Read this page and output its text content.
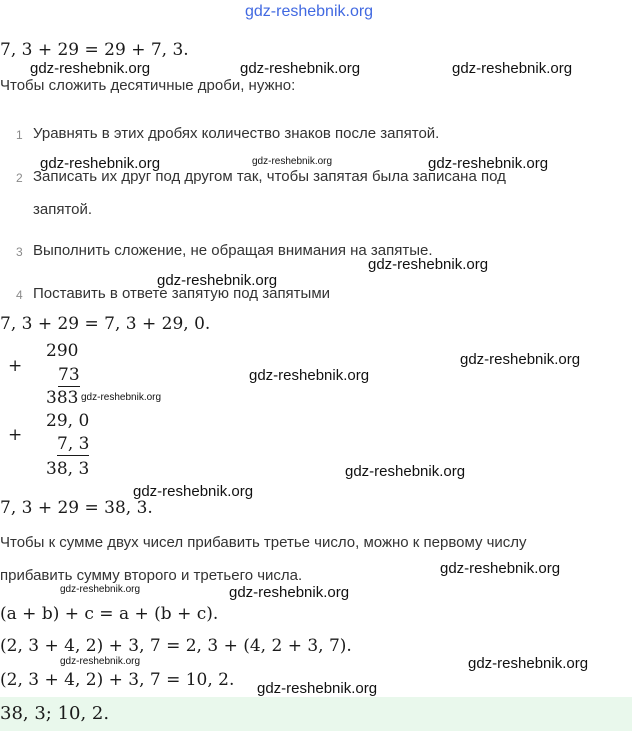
gdz-reshebnik.org
7, 3 + 29 = 29 + 7, 3.
gdz-reshebnik.org	gdz-reshebnik.org	gdz-reshebnik.org
Чтобы сложить десятичные дроби, нужно:
1 Уравнять в этих дробях количество знаков после запятой.
gdz-reshebnik.org	gdz-reshebnik.org	gdz-reshebnik.org
2 Записать их друг под другом так, чтобы запятая была записана под
запятой.
3 Выполнить сложение, не обращая внимания на запятые.
gdz-reshebnik.org
gdz-reshebnik.org
4 Поставить в ответе запятую под запятыми
7, 3 + 29 = 7, 3 + 29, 0.
+
290
73
383 gdz-reshebnik.org
gdz-reshebnik.org
gdz-reshebnik.org
+
29, 0
7, 3
38, 3	gdz-reshebnik.org
gdz-reshebnik.org
7, 3 + 29 = 38, 3.
Чтобы к сумме двух чисел прибавить третье число, можно к первому числу
прибавить сумму второго и третьего числа.	gdz-reshebnik.org
gdz-reshebnik.org	gdz-reshebnik.org
(a + b) + c = a + (b + c).
(2, 3 + 4, 2) + 3, 7 = 2, 3 + (4, 2 + 3, 7).
gdz-reshebnik.org	gdz-reshebnik.org
(2, 3 + 4, 2) + 3, 7 = 10, 2. gdz-reshebnik.org
38, 3; 10, 2.
